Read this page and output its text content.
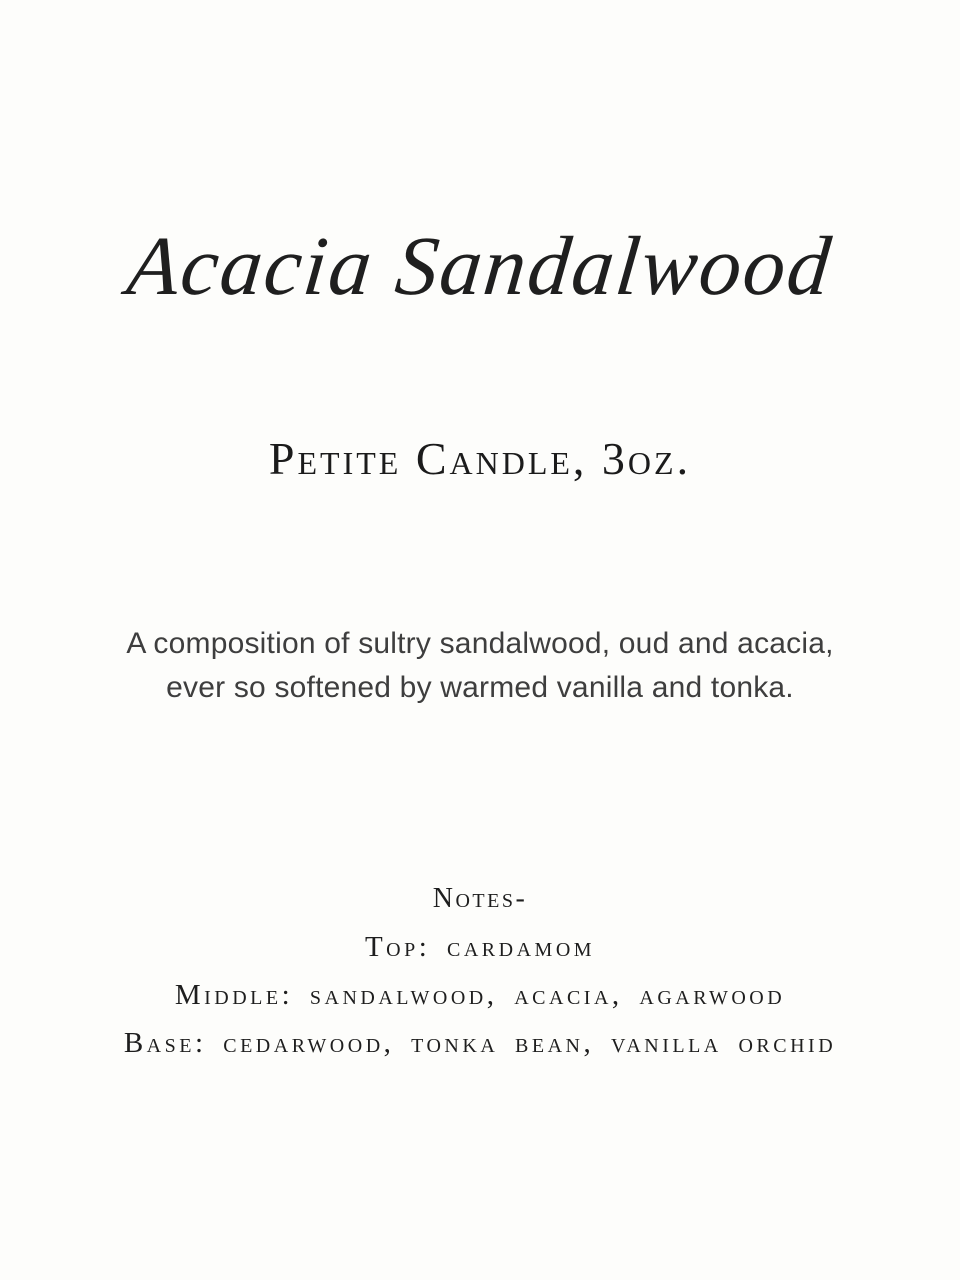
Acacia Sandalwood
Petite Candle, 3oz.

A composition of sultry sandalwood, oud and acacia,
ever so softened by warmed vanilla and tonka.

Notes-
Top: cardamom
Middle: sandalwood, acacia, agarwood
Base: cedarwood, tonka bean, vanilla orchid
